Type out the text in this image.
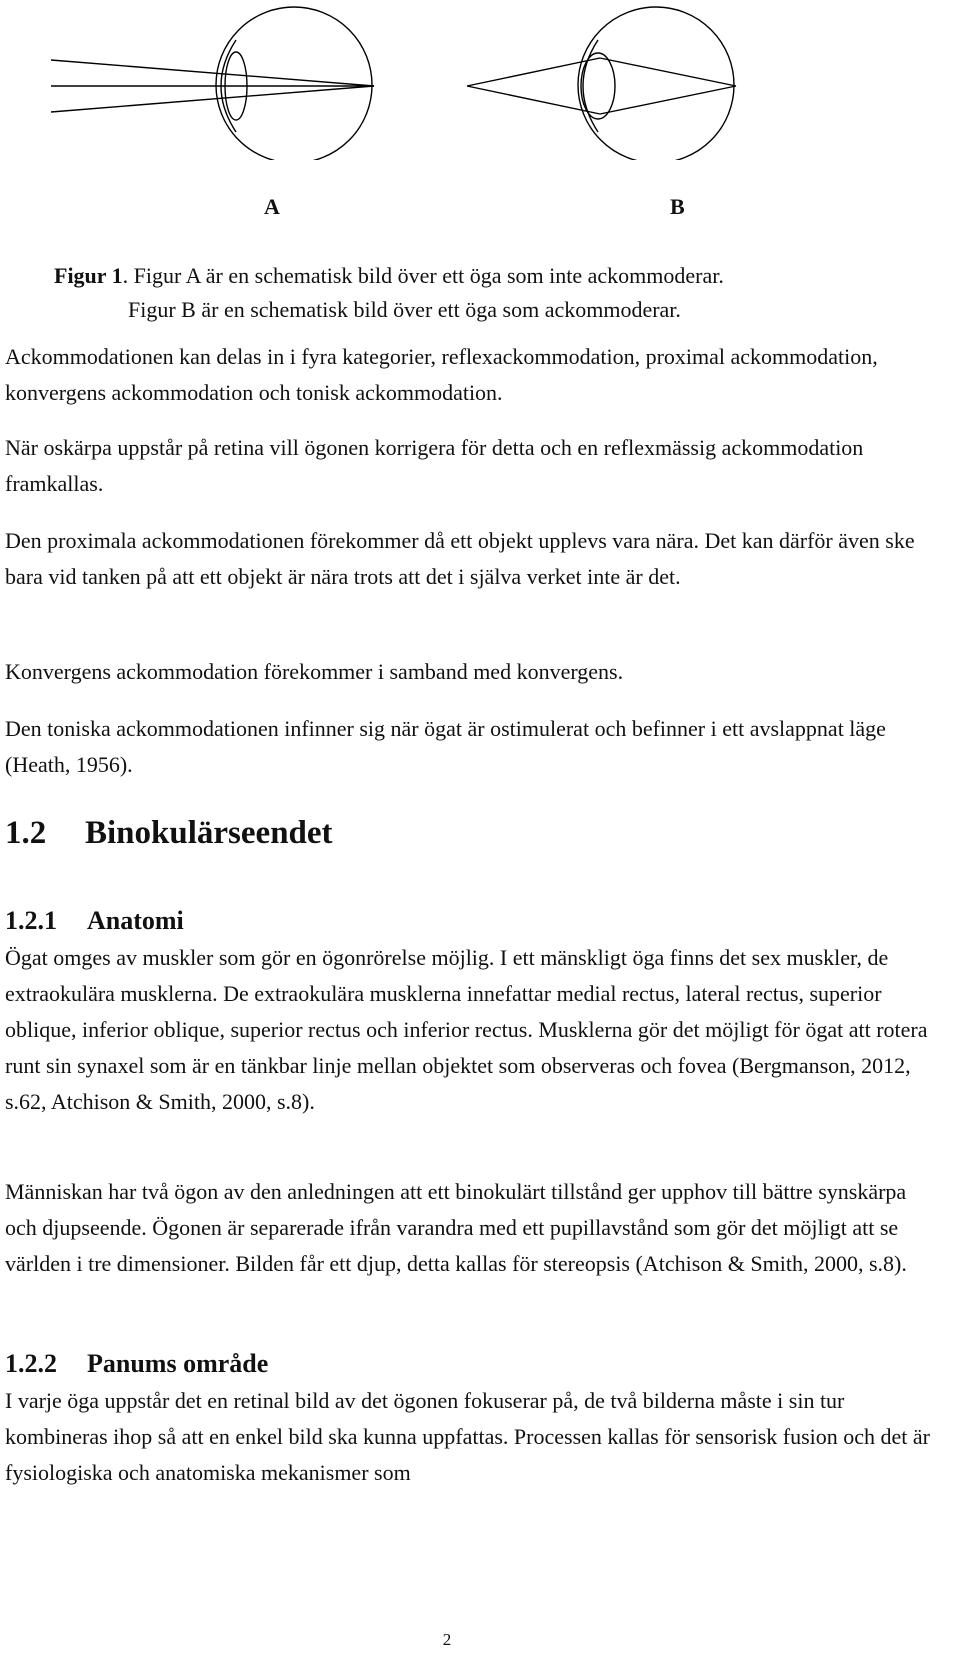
A	B
Figur 1. Figur A är en schematisk bild över ett öga som inte ackommoderar.
Figur B är en schematisk bild över ett öga som ackommoderar.

Ackommodationen kan delas in i fyra kategorier, reflexackommodation, proximal ackommodation, konvergens ackommodation och tonisk ackommodation.

När oskärpa uppstår på retina vill ögonen korrigera för detta och en reflexmässig ackommodation framkallas.

Den proximala ackommodationen förekommer då ett objekt upplevs vara nära. Det kan därför även ske bara vid tanken på att ett objekt är nära trots att det i själva verket inte är det.

Konvergens ackommodation förekommer i samband med konvergens.

Den toniska ackommodationen infinner sig när ögat är ostimulerat och befinner i ett avslappnat läge (Heath, 1956).

1.2 Binokulärseendet
1.2.1 Anatomi

Ögat omges av muskler som gör en ögonrörelse möjlig. I ett mänskligt öga finns det sex muskler, de extraokulära musklerna. De extraokulära musklerna innefattar medial rectus, lateral rectus, superior oblique, inferior oblique, superior rectus och inferior rectus. Musklerna gör det möjligt för ögat att rotera runt sin synaxel som är en tänkbar linje mellan objektet som observeras och fovea (Bergmanson, 2012, s.62, Atchison & Smith, 2000, s.8).

Människan har två ögon av den anledningen att ett binokulärt tillstånd ger upphov till bättre synskärpa och djupseende. Ögonen är separerade ifrån varandra med ett pupillavstånd som gör det möjligt att se världen i tre dimensioner. Bilden får ett djup, detta kallas för stereopsis (Atchison & Smith, 2000, s.8).

1.2.2 Panums område

I varje öga uppstår det en retinal bild av det ögonen fokuserar på, de två bilderna måste i sin tur kombineras ihop så att en enkel bild ska kunna uppfattas. Processen kallas för sensorisk fusion och det är fysiologiska och anatomiska mekanismer som

2
